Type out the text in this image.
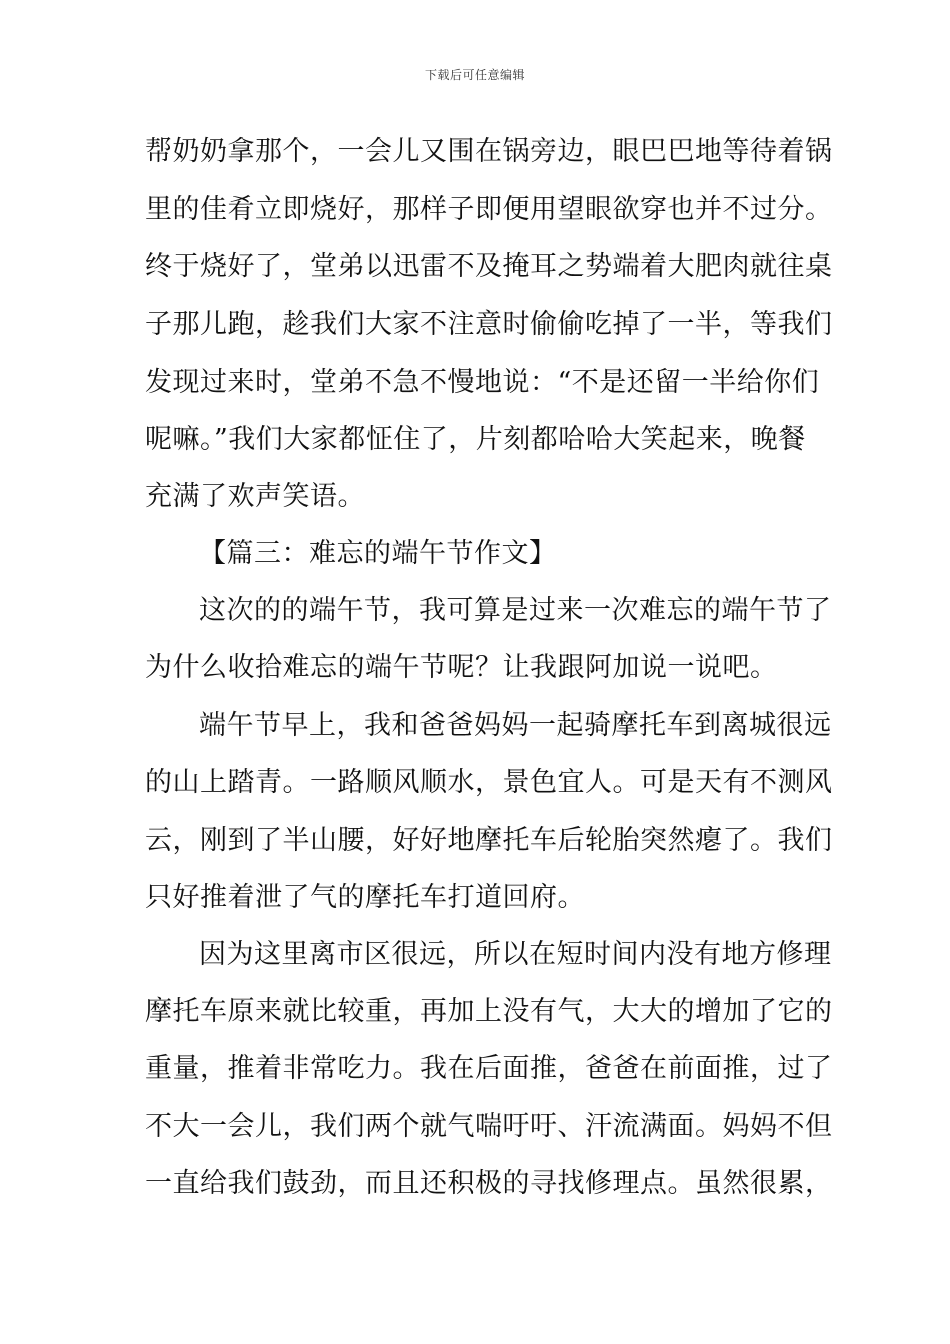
下载后可任意编辑
帮奶奶拿那个，一会儿又围在锅旁边，眼巴巴地等待着锅
里的佳肴立即烧好，那样子即便用望眼欲穿也并不过分。
终于烧好了，堂弟以迅雷不及掩耳之势端着大肥肉就往桌
子那儿跑，趁我们大家不注意时偷偷吃掉了一半，等我们
发现过来时，堂弟不急不慢地说：“不是还留一半给你们
呢嘛。”我们大家都怔住了，片刻都哈哈大笑起来，晚餐
充满了欢声笑语。
【篇三：难忘的端午节作文】
这次的的端午节，我可算是过来一次难忘的端午节了
为什么收拾难忘的端午节呢？让我跟阿加说一说吧。
端午节早上，我和爸爸妈妈一起骑摩托车到离城很远
的山上踏青。一路顺风顺水，景色宜人。可是天有不测风
云，刚到了半山腰，好好地摩托车后轮胎突然瘪了。我们
只好推着泄了气的摩托车打道回府。
因为这里离市区很远，所以在短时间内没有地方修理
摩托车原来就比较重，再加上没有气，大大的增加了它的
重量，推着非常吃力。我在后面推，爸爸在前面推，过了
不大一会儿，我们两个就气喘吁吁、汗流满面。妈妈不但
一直给我们鼓劲，而且还积极的寻找修理点。虽然很累，
